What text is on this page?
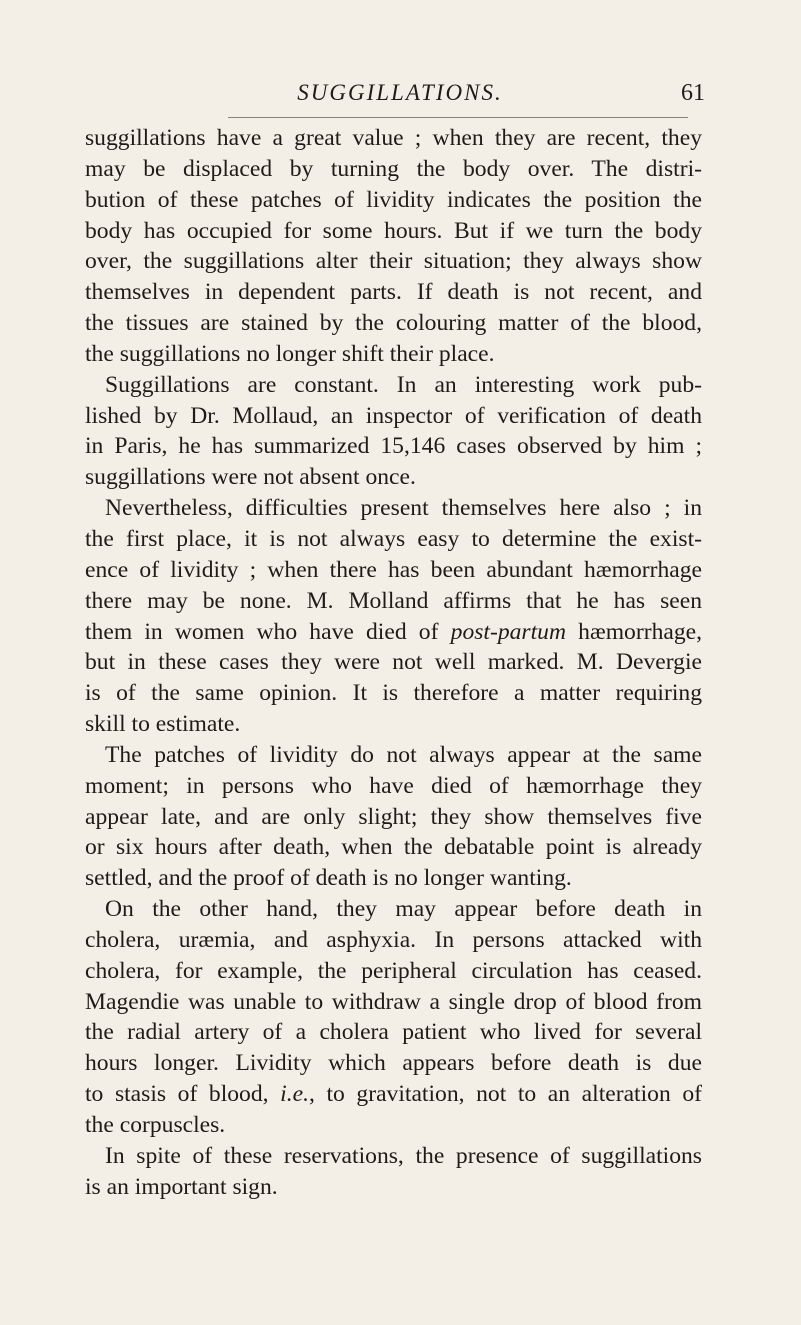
SUGGILLATIONS.	61
suggillations have a great value ; when they are recent, they
may be displaced by turning the body over. The distri-
bution of these patches of lividity indicates the position the
body has occupied for some hours. But if we turn the body
over, the suggillations alter their situation; they always show
themselves in dependent parts. If death is not recent, and
the tissues are stained by the colouring matter of the blood,
the suggillations no longer shift their place.
Suggillations are constant. In an interesting work pub-
lished by Dr. Mollaud, an inspector of verification of death
in Paris, he has summarized 15,146 cases observed by him ;
suggillations were not absent once.
Nevertheless, difficulties present themselves here also ; in
the first place, it is not always easy to determine the exist-
ence of lividity ; when there has been abundant hæmorrhage
there may be none. M. Molland affirms that he has seen
them in women who have died of post-partum hæmorrhage,
but in these cases they were not well marked. M. Devergie
is of the same opinion. It is therefore a matter requiring
skill to estimate.
The patches of lividity do not always appear at the same
moment; in persons who have died of hæmorrhage they
appear late, and are only slight; they show themselves five
or six hours after death, when the debatable point is already
settled, and the proof of death is no longer wanting.
On the other hand, they may appear before death in
cholera, uræmia, and asphyxia. In persons attacked with
cholera, for example, the peripheral circulation has ceased.
Magendie was unable to withdraw a single drop of blood from
the radial artery of a cholera patient who lived for several
hours longer. Lividity which appears before death is due
to stasis of blood, i.e., to gravitation, not to an alteration of
the corpuscles.
In spite of these reservations, the presence of suggillations
is an important sign.
